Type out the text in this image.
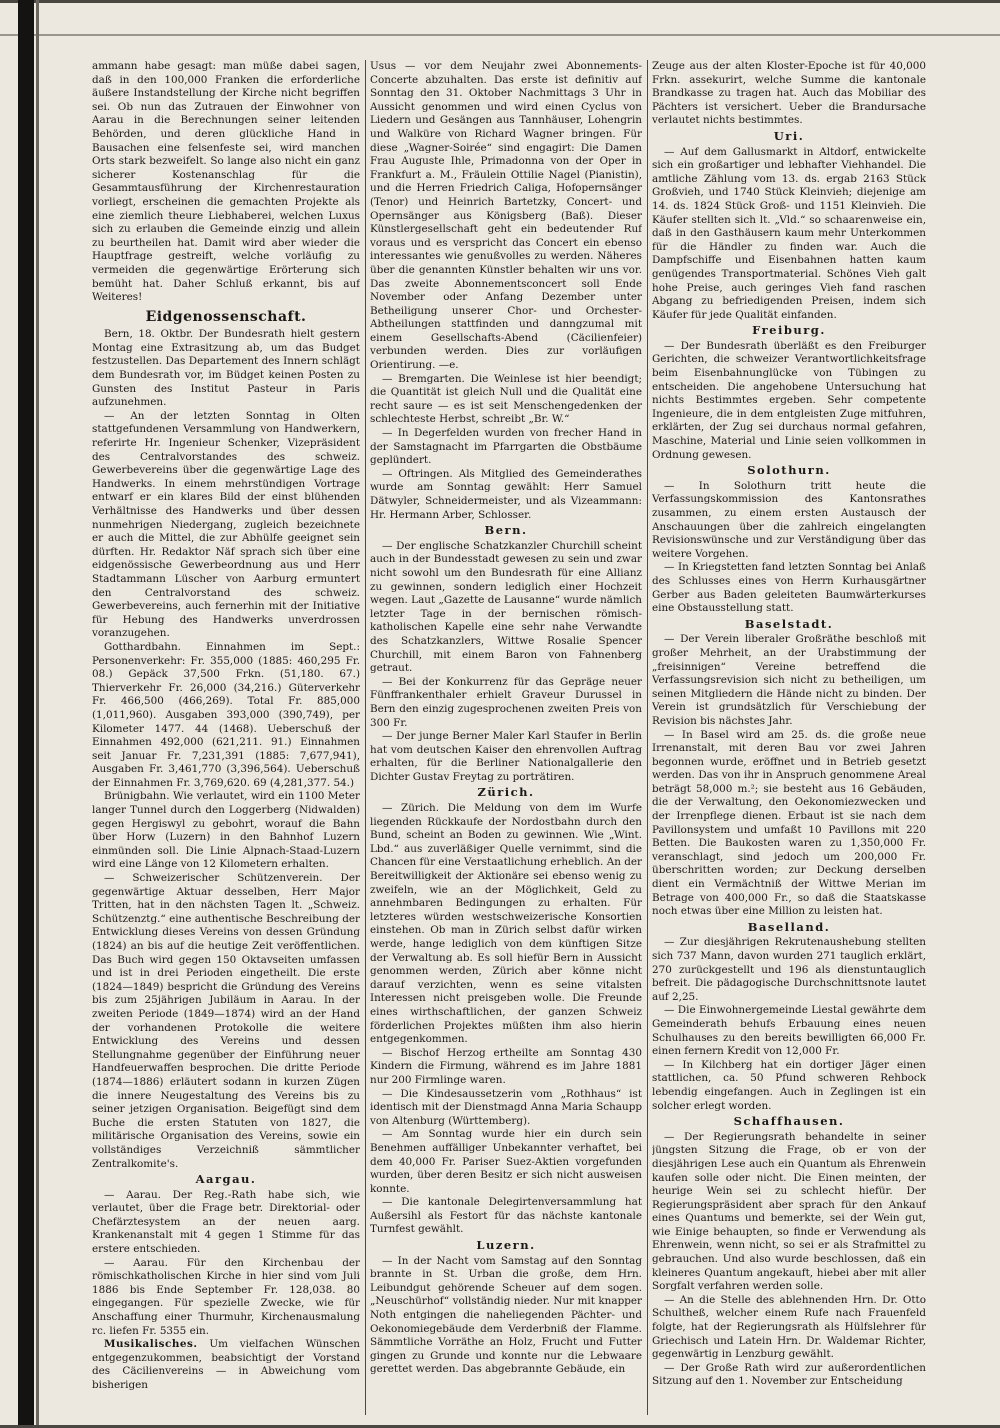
ammann habe gesagt: man müße dabei sagen, daß in den 100,000 Franken die erforderliche äußere Instandstellung der Kirche nicht begriffen sei. Ob nun das Zutrauen der Einwohner von Aarau in die Berechnungen seiner leitenden Behörden, und deren glückliche Hand in Bausachen eine felsenfeste sei, wird manchen Orts stark bezweifelt. So lange also nicht ein ganz sicherer Kostenanschlag für die Gesammtausführung der Kirchenrestauration vorliegt, erscheinen die gemachten Projekte als eine ziemlich theure Liebhaberei, welchen Luxus sich zu erlauben die Gemeinde einzig und allein zu beurtheilen hat. Damit wird aber wieder die Hauptfrage gestreift, welche vorläufig zu vermeiden die gegenwärtige Erörterung sich bemüht hat. Daher Schluß erkannt, bis auf Weiteres!

Eidgenossenschaft.

Bern, 18. Oktbr. Der Bundesrath hielt gestern Montag eine Extrasitzung ab, um das Budget festzustellen. Das Departement des Innern schlägt dem Bundesrath vor, im Büdget keinen Posten zu Gunsten des Institut Pasteur in Paris aufzunehmen.

— An der letzten Sonntag in Olten stattgefundenen Versammlung von Handwerkern, referirte Hr. Ingenieur Schenker, Vizepräsident des Centralvorstandes des schweiz. Gewerbevereins über die gegenwärtige Lage des Handwerks. In einem mehrstündigen Vortrage entwarf er ein klares Bild der einst blühenden Verhältnisse des Handwerks und über dessen nunmehrigen Niedergang, zugleich bezeichnete er auch die Mittel, die zur Abhülfe geeignet sein dürften. Hr. Redaktor Näf sprach sich über eine eidgenössische Gewerbeordnung aus und Herr Stadtammann Lüscher von Aarburg ermuntert den Centralvorstand des schweiz. Gewerbevereins, auch fernerhin mit der Initiative für Hebung des Handwerks unverdrossen voranzugehen.

Gotthardbahn. Einnahmen im Sept.: Personenverkehr: Fr. 355,000 (1885: 460,295 Fr. 08.) Gepäck 37,500 Frkn. (51,180. 67.) Thierverkehr Fr. 26,000 (34,216.) Güterverkehr Fr. 466,500 (466,269). Total Fr. 885,000 (1,011,960). Ausgaben 393,000 (390,749), per Kilometer 1477. 44 (1468). Ueberschuß der Einnahmen 492,000 (621,211. 91.) Einnahmen seit Januar Fr. 7,231,391 (1885: 7,677,941), Ausgaben Fr. 3,461,770 (3,396,564). Ueberschuß der Einnahmen Fr. 3,769,620. 69 (4,281,377. 54.)

Brünigbahn. Wie verlautet, wird ein 1100 Meter langer Tunnel durch den Loggerberg (Nidwalden) gegen Hergiswyl zu gebohrt, worauf die Bahn über Horw (Luzern) in den Bahnhof Luzern einmünden soll. Die Linie Alpnach-Staad-Luzern wird eine Länge von 12 Kilometern erhalten.

— Schweizerischer Schützenverein. Der gegenwärtige Aktuar desselben, Herr Major Tritten, hat in den nächsten Tagen lt. „Schweiz. Schützenztg.“ eine authentische Beschreibung der Entwicklung dieses Vereins von dessen Gründung (1824) an bis auf die heutige Zeit veröffentlichen. Das Buch wird gegen 150 Oktavseiten umfassen und ist in drei Perioden eingetheilt. Die erste (1824—1849) bespricht die Gründung des Vereins bis zum 25jährigen Jubiläum in Aarau. In der zweiten Periode (1849—1874) wird an der Hand der vorhandenen Protokolle die weitere Entwicklung des Vereins und dessen Stellungnahme gegenüber der Einführung neuer Handfeuerwaffen besprochen. Die dritte Periode (1874—1886) erläutert sodann in kurzen Zügen die innere Neugestaltung des Vereins bis zu seiner jetzigen Organisation. Beigefügt sind dem Buche die ersten Statuten von 1827, die militärische Organisation des Vereins, sowie ein vollständiges Verzeichniß sämmtlicher Zentralkomite's.

Aargau.

— Aarau. Der Reg.-Rath habe sich, wie verlautet, über die Frage betr. Direktorial- oder Chefärztesystem an der neuen aarg. Krankenanstalt mit 4 gegen 1 Stimme für das erstere entschieden.

— Aarau. Für den Kirchenbau der römischkatholischen Kirche in hier sind vom Juli 1886 bis Ende September Fr. 128,038. 80 eingegangen. Für spezielle Zwecke, wie für Anschaffung einer Thurmuhr, Kirchenausmalung rc. liefen Fr. 5355 ein.

Musikalisches. Um vielfachen Wünschen entgegenzukommen, beabsichtigt der Vorstand des Cäcilienvereins — in Abweichung vom bisherigen

Usus — vor dem Neujahr zwei Abonnements-Concerte abzuhalten. Das erste ist definitiv auf Sonntag den 31. Oktober Nachmittags 3 Uhr in Aussicht genommen und wird einen Cyclus von Liedern und Gesängen aus Tannhäuser, Lohengrin und Walküre von Richard Wagner bringen. Für diese „Wagner-Soirée“ sind engagirt: Die Damen Frau Auguste Ihle, Primadonna von der Oper in Frankfurt a. M., Fräulein Ottilie Nagel (Pianistin), und die Herren Friedrich Caliga, Hofopernsänger (Tenor) und Heinrich Bartetzky, Concert- und Opernsänger aus Königsberg (Baß). Dieser Künstlergesellschaft geht ein bedeutender Ruf voraus und es verspricht das Concert ein ebenso interessantes wie genußvolles zu werden. Näheres über die genannten Künstler behalten wir uns vor. Das zweite Abonnementsconcert soll Ende November oder Anfang Dezember unter Betheiligung unserer Chor- und Orchester-Abtheilungen stattfinden und danngzumal mit einem Gesellschafts-Abend (Cäcilienfeier) verbunden werden. Dies zur vorläufigen Orientirung. —e.

— Bremgarten. Die Weinlese ist hier beendigt; die Quantität ist gleich Null und die Qualität eine recht saure — es ist seit Menschengedenken der schlechteste Herbst, schreibt „Br. W.“

— In Degerfelden wurden von frecher Hand in der Samstagnacht im Pfarrgarten die Obstbäume geplündert.

— Oftringen. Als Mitglied des Gemeinderathes wurde am Sonntag gewählt: Herr Samuel Dätwyler, Schneidermeister, und als Vizeammann: Hr. Hermann Arber, Schlosser.

Bern.

— Der englische Schatzkanzler Churchill scheint auch in der Bundesstadt gewesen zu sein und zwar nicht sowohl um den Bundesrath für eine Allianz zu gewinnen, sondern lediglich einer Hochzeit wegen. Laut „Gazette de Lausanne“ wurde nämlich letzter Tage in der bernischen römisch-katholischen Kapelle eine sehr nahe Verwandte des Schatzkanzlers, Wittwe Rosalie Spencer Churchill, mit einem Baron von Fahnenberg getraut.

— Bei der Konkurrenz für das Gepräge neuer Fünffrankenthaler erhielt Graveur Durussel in Bern den einzig zugesprochenen zweiten Preis von 300 Fr.

— Der junge Berner Maler Karl Staufer in Berlin hat vom deutschen Kaiser den ehrenvollen Auftrag erhalten, für die Berliner Nationalgallerie den Dichter Gustav Freytag zu porträtiren.

Zürich.

— Zürich. Die Meldung von dem im Wurfe liegenden Rückkaufe der Nordostbahn durch den Bund, scheint an Boden zu gewinnen. Wie „Wint. Lbd.“ aus zuverläßiger Quelle vernimmt, sind die Chancen für eine Verstaatlichung erheblich. An der Bereitwilligkeit der Aktionäre sei ebenso wenig zu zweifeln, wie an der Möglichkeit, Geld zu annehmbaren Bedingungen zu erhalten. Für letzteres würden westschweizerische Konsortien einstehen. Ob man in Zürich selbst dafür wirken werde, hange lediglich von dem künftigen Sitze der Verwaltung ab. Es soll hiefür Bern in Aussicht genommen werden, Zürich aber könne nicht darauf verzichten, wenn es seine vitalsten Interessen nicht preisgeben wolle. Die Freunde eines wirthschaftlichen, der ganzen Schweiz förderlichen Projektes müßten ihm also hierin entgegenkommen.

— Bischof Herzog ertheilte am Sonntag 430 Kindern die Firmung, während es im Jahre 1881 nur 200 Firmlinge waren.

— Die Kindesaussetzerin vom „Rothhaus“ ist identisch mit der Dienstmagd Anna Maria Schaupp von Altenburg (Württemberg).

— Am Sonntag wurde hier ein durch sein Benehmen auffälliger Unbekannter verhaftet, bei dem 40,000 Fr. Pariser Suez-Aktien vorgefunden wurden, über deren Besitz er sich nicht ausweisen konnte.

— Die kantonale Delegirtenversammlung hat Außersihl als Festort für das nächste kantonale Turnfest gewählt.

Luzern.

— In der Nacht vom Samstag auf den Sonntag brannte in St. Urban die große, dem Hrn. Leibundgut gehörende Scheuer auf dem sogen. „Neuschürhof“ vollständig nieder. Nur mit knapper Noth entgingen die naheliegenden Pächter- und Oekonomiegebäude dem Verderbniß der Flamme. Sämmtliche Vorräthe an Holz, Frucht und Futter gingen zu Grunde und konnte nur die Lebwaare gerettet werden. Das abgebrannte Gebäude, ein

Zeuge aus der alten Kloster-Epoche ist für 40,000 Frkn. assekurirt, welche Summe die kantonale Brandkasse zu tragen hat. Auch das Mobiliar des Pächters ist versichert. Ueber die Brandursache verlautet nichts bestimmtes.

Uri.

— Auf dem Gallusmarkt in Altdorf, entwickelte sich ein großartiger und lebhafter Viehhandel. Die amtliche Zählung vom 13. ds. ergab 2163 Stück Großvieh, und 1740 Stück Kleinvieh; diejenige am 14. ds. 1824 Stück Groß- und 1151 Kleinvieh. Die Käufer stellten sich lt. „Vld.“ so schaarenweise ein, daß in den Gasthäusern kaum mehr Unterkommen für die Händler zu finden war. Auch die Dampfschiffe und Eisenbahnen hatten kaum genügendes Transportmaterial. Schönes Vieh galt hohe Preise, auch geringes Vieh fand raschen Abgang zu befriedigenden Preisen, indem sich Käufer für jede Qualität einfanden.

Freiburg.

— Der Bundesrath überläßt es den Freiburger Gerichten, die schweizer Verantwortlichkeitsfrage beim Eisenbahnunglücke von Tübingen zu entscheiden. Die angehobene Untersuchung hat nichts Bestimmtes ergeben. Sehr competente Ingenieure, die in dem entgleisten Zuge mitfuhren, erklärten, der Zug sei durchaus normal gefahren, Maschine, Material und Linie seien vollkommen in Ordnung gewesen.

Solothurn.

— In Solothurn tritt heute die Verfassungskommission des Kantonsrathes zusammen, zu einem ersten Austausch der Anschauungen über die zahlreich eingelangten Revisionswünsche und zur Verständigung über das weitere Vorgehen.

— In Kriegstetten fand letzten Sonntag bei Anlaß des Schlusses eines von Herrn Kurhausgärtner Gerber aus Baden geleiteten Baumwärterkurses eine Obstausstellung statt.

Baselstadt.

— Der Verein liberaler Großräthe beschloß mit großer Mehrheit, an der Urabstimmung der „freisinnigen“ Vereine betreffend die Verfassungsrevision sich nicht zu betheiligen, um seinen Mitgliedern die Hände nicht zu binden. Der Verein ist grundsätzlich für Verschiebung der Revision bis nächstes Jahr.

— In Basel wird am 25. ds. die große neue Irrenanstalt, mit deren Bau vor zwei Jahren begonnen wurde, eröffnet und in Betrieb gesetzt werden. Das von ihr in Anspruch genommene Areal beträgt 58,000 m.²; sie besteht aus 16 Gebäuden, die der Verwaltung, den Oekonomiezwecken und der Irrenpflege dienen. Erbaut ist sie nach dem Pavillonsystem und umfaßt 10 Pavillons mit 220 Betten. Die Baukosten waren zu 1,350,000 Fr. veranschlagt, sind jedoch um 200,000 Fr. überschritten worden; zur Deckung derselben dient ein Vermächtniß der Wittwe Merian im Betrage von 400,000 Fr., so daß die Staatskasse noch etwas über eine Million zu leisten hat.

Baselland.

— Zur diesjährigen Rekrutenaushebung stellten sich 737 Mann, davon wurden 271 tauglich erklärt, 270 zurückgestellt und 196 als dienstuntauglich befreit. Die pädagogische Durchschnittsnote lautet auf 2,25.

— Die Einwohnergemeinde Liestal gewährte dem Gemeinderath behufs Erbauung eines neuen Schulhauses zu den bereits bewilligten 66,000 Fr. einen fernern Kredit von 12,000 Fr.

— In Kilchberg hat ein dortiger Jäger einen stattlichen, ca. 50 Pfund schweren Rehbock lebendig eingefangen. Auch in Zeglingen ist ein solcher erlegt worden.

Schaffhausen.

— Der Regierungsrath behandelte in seiner jüngsten Sitzung die Frage, ob er von der diesjährigen Lese auch ein Quantum als Ehrenwein kaufen solle oder nicht. Die Einen meinten, der heurige Wein sei zu schlecht hiefür. Der Regierungspräsident aber sprach für den Ankauf eines Quantums und bemerkte, sei der Wein gut, wie Einige behaupten, so finde er Verwendung als Ehrenwein, wenn nicht, so sei er als Strafmittel zu gebrauchen. Und also wurde beschlossen, daß ein kleineres Quantum angekauft, hiebei aber mit aller Sorgfalt verfahren werden solle.

— An die Stelle des ablehnenden Hrn. Dr. Otto Schultheß, welcher einem Rufe nach Frauenfeld folgte, hat der Regierungsrath als Hülfslehrer für Griechisch und Latein Hrn. Dr. Waldemar Richter, gegenwärtig in Lenzburg gewählt.

— Der Große Rath wird zur außerordentlichen Sitzung auf den 1. November zur Entscheidung
